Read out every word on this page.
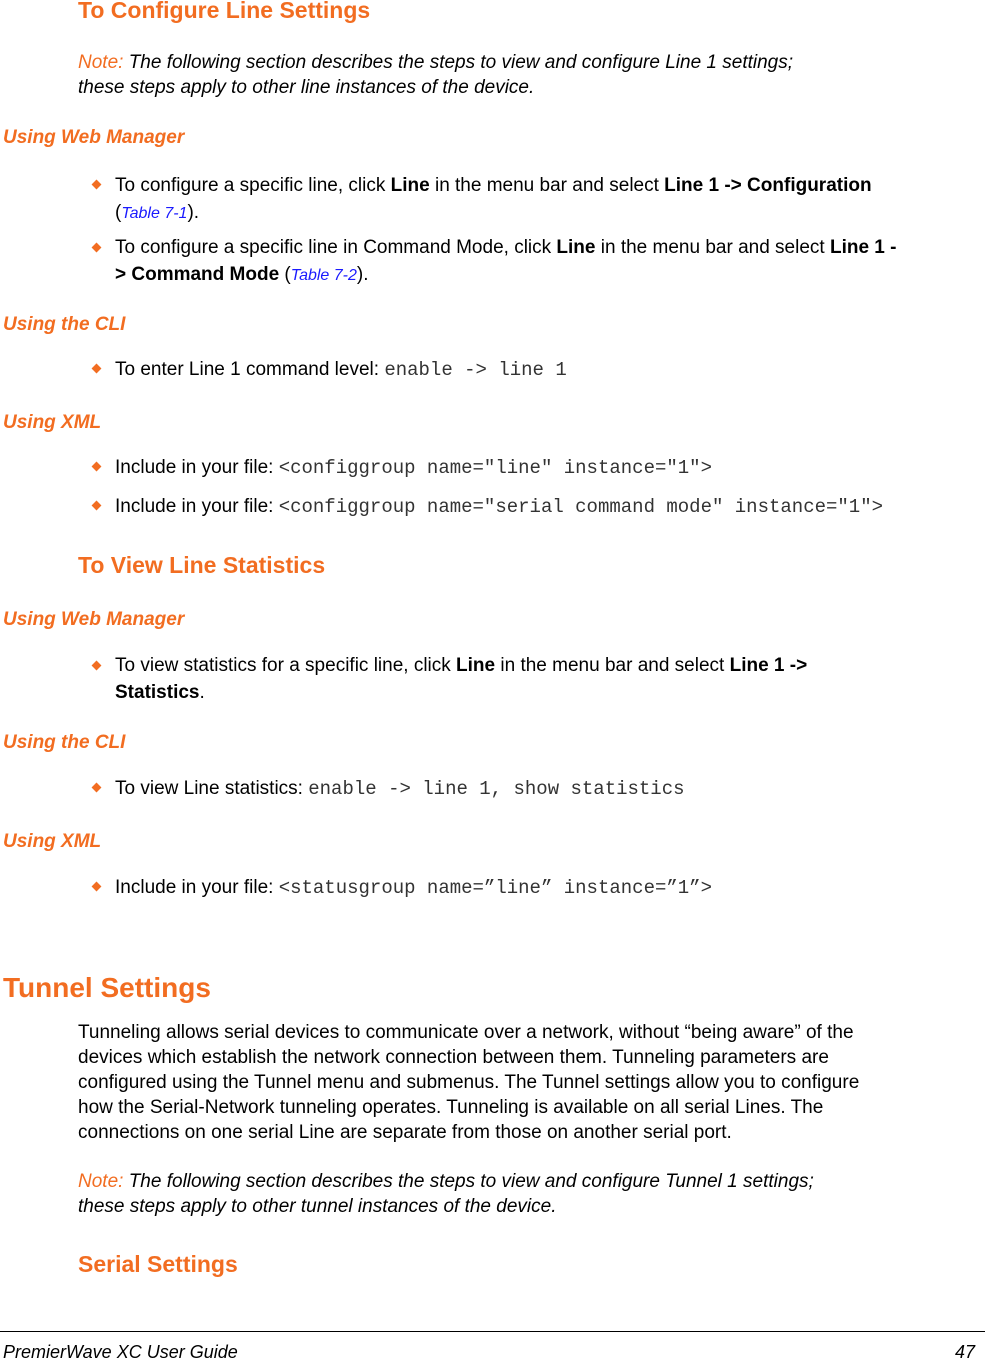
To Configure Line Settings
Note: The following section describes the steps to view and configure Line 1 settings;
these steps apply to other line instances of the device.
Using Web Manager
To configure a specific line, click Line in the menu bar and select Line 1 -> Configuration
(Table 7-1).
To configure a specific line in Command Mode, click Line in the menu bar and select Line 1 -
> Command Mode (Table 7-2).
Using the CLI
To enter Line 1 command level: enable -> line 1
Using XML
Include in your file: <configgroup name="line" instance="1">
Include in your file: <configgroup name="serial command mode" instance="1">
To View Line Statistics
Using Web Manager
To view statistics for a specific line, click Line in the menu bar and select Line 1 ->
Statistics.
Using the CLI
To view Line statistics: enable -> line 1, show statistics
Using XML
Include in your file: <statusgroup name=”line” instance=”1”>
Tunnel Settings
Tunneling allows serial devices to communicate over a network, without “being aware” of the
devices which establish the network connection between them. Tunneling parameters are
configured using the Tunnel menu and submenus. The Tunnel settings allow you to configure
how the Serial-Network tunneling operates. Tunneling is available on all serial Lines. The
connections on one serial Line are separate from those on another serial port.
Note: The following section describes the steps to view and configure Tunnel 1 settings;
these steps apply to other tunnel instances of the device.
Serial Settings
PremierWave XC User Guide	47
